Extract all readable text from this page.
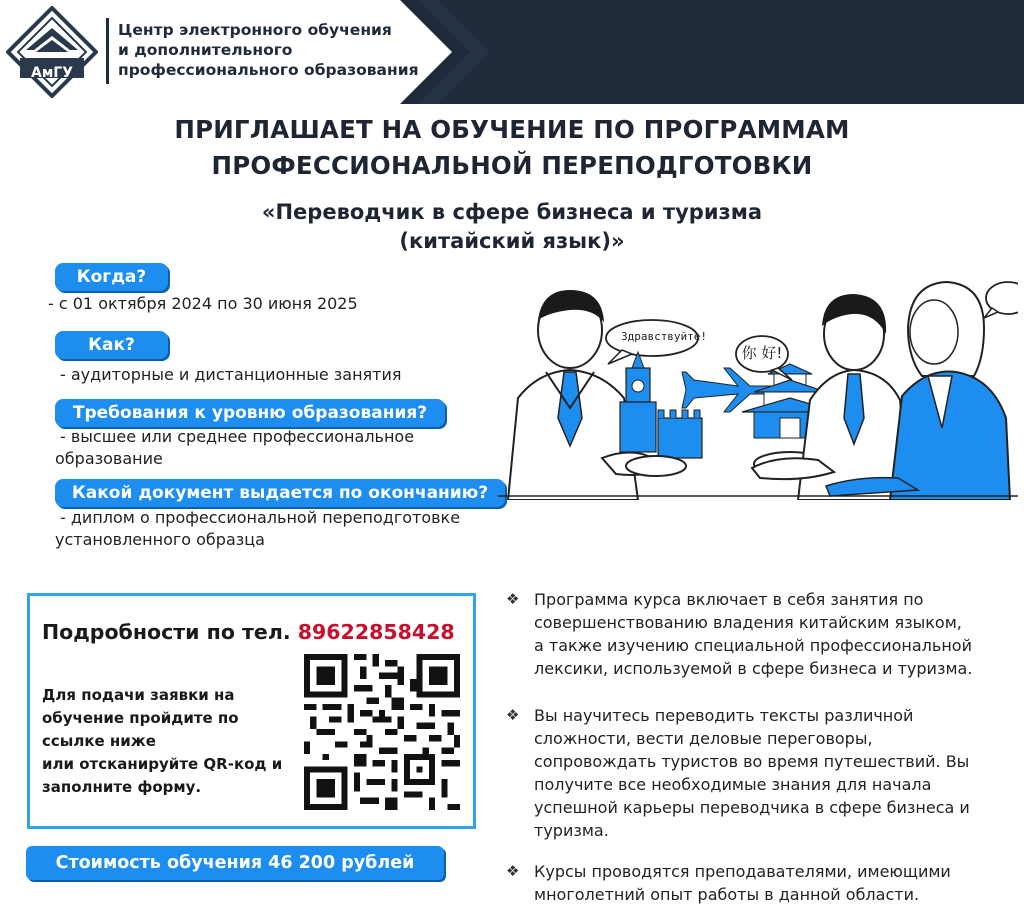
АмГУ
Центр электронного обучения
и дополнительного
профессионального образования
ПРИГЛАШАЕТ НА ОБУЧЕНИЕ ПО ПРОГРАММАМ
ПРОФЕССИОНАЛЬНОЙ ПЕРЕПОДГОТОВКИ
«Переводчик в сфере бизнеса и туризма
(китайский язык)»
Когда?
- с 01 октября 2024 по 30 июня 2025
Как?
- аудиторные и дистанционные занятия
Требования к уровню образования?
- высшее или среднее профессиональное
образование
Какой документ выдается по окончанию?
- диплом о профессиональной переподготовке
установленного образца
Здравствуйте!
你 好!
Подробности по тел. 89622858428
Для подачи заявки на
обучение пройдите по
ссылке ниже
или отсканируйте QR-код и
заполните форму.
Стоимость обучения 46 200 рублей
❖ Программа курса включает в себя занятия по
совершенствованию владения китайским языком,
а также изучению специальной профессиональной
лексики, используемой в сфере бизнеса и туризма.
❖ Вы научитесь переводить тексты различной
сложности, вести деловые переговоры,
сопровождать туристов во время путешествий. Вы
получите все необходимые знания для начала
успешной карьеры переводчика в сфере бизнеса и
туризма.
❖ Курсы проводятся преподавателями, имеющими
многолетний опыт работы в данной области.
